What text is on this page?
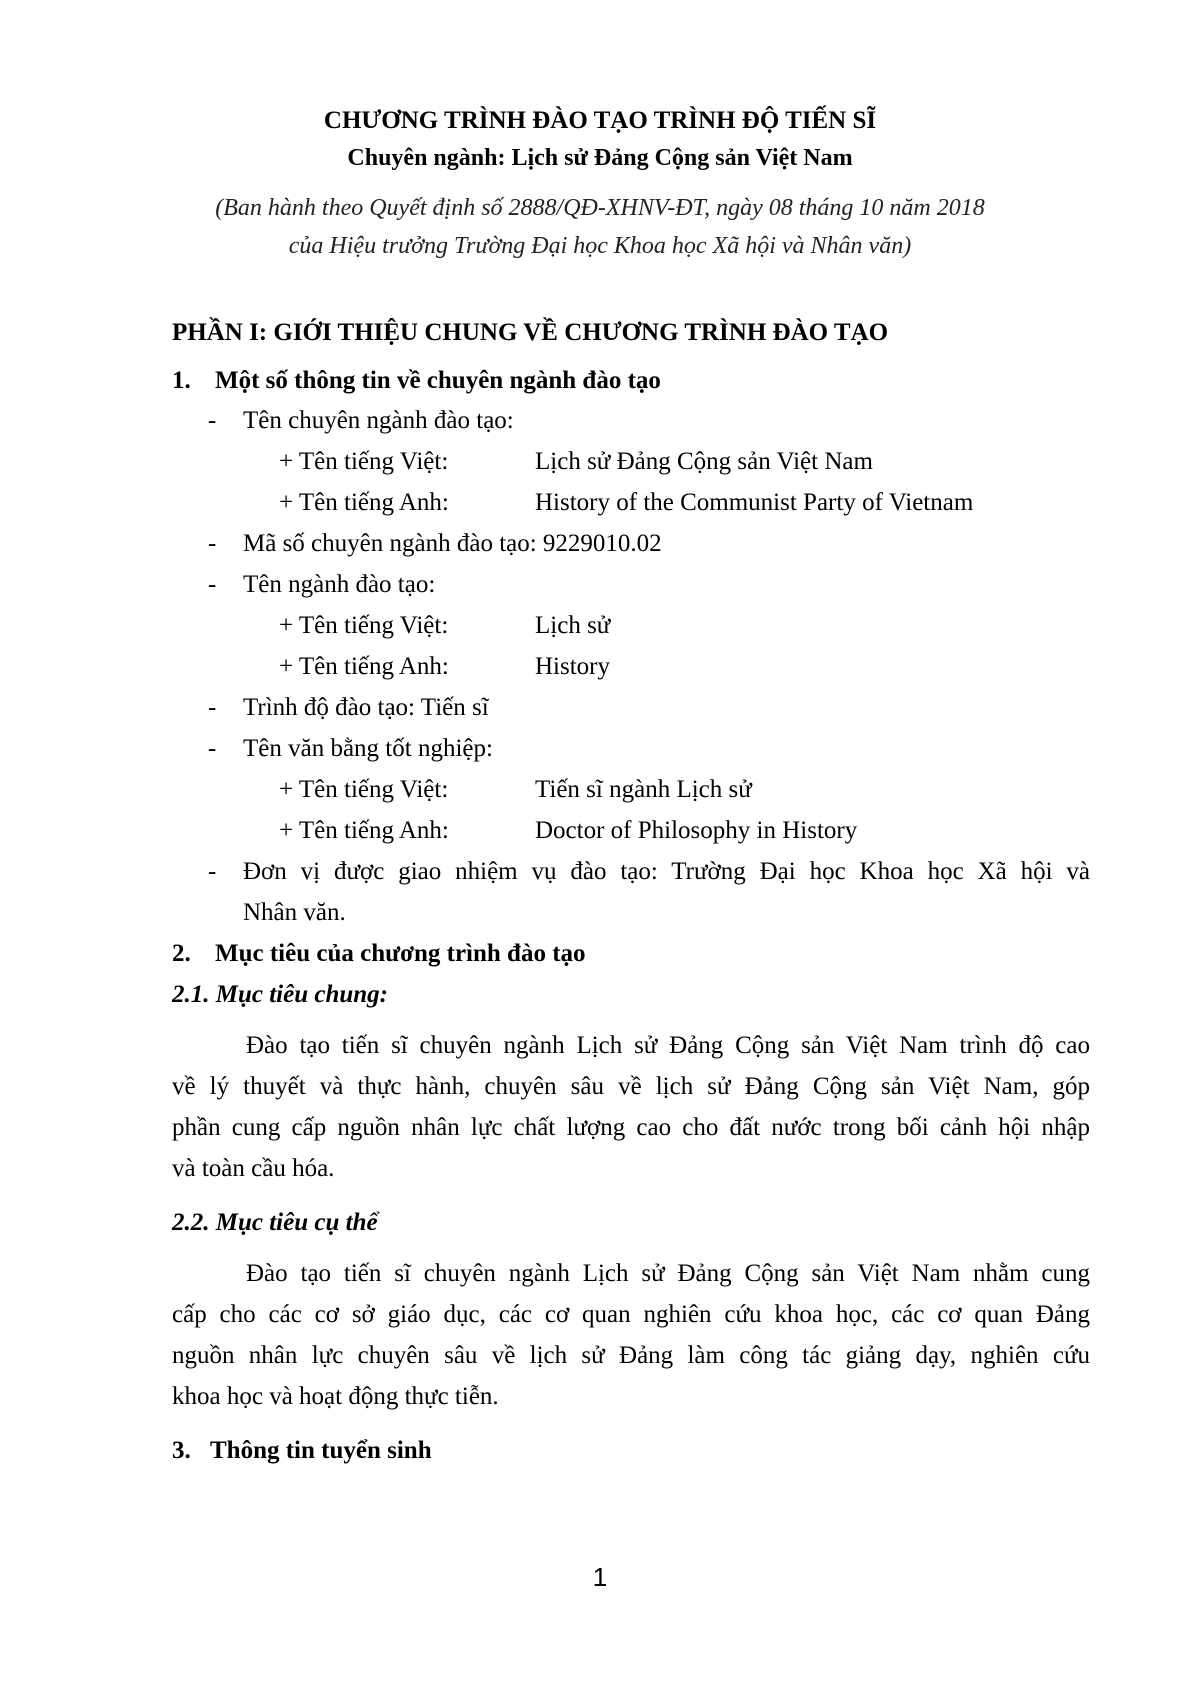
CHƯƠNG TRÌNH ĐÀO TẠO TRÌNH ĐỘ TIẾN SĨ
Chuyên ngành: Lịch sử Đảng Cộng sản Việt Nam
(Ban hành theo Quyết định số 2888/QĐ-XHNV-ĐT, ngày 08 tháng 10 năm 2018
của Hiệu trưởng Trường Đại học Khoa học Xã hội và Nhân văn)
PHẦN I: GIỚI THIỆU CHUNG VỀ CHƯƠNG TRÌNH ĐÀO TẠO
1. Một số thông tin về chuyên ngành đào tạo
- Tên chuyên ngành đào tạo:
+ Tên tiếng Việt:	Lịch sử Đảng Cộng sản Việt Nam
+ Tên tiếng Anh:	History of the Communist Party of Vietnam
- Mã số chuyên ngành đào tạo: 9229010.02
- Tên ngành đào tạo:
+ Tên tiếng Việt:	Lịch sử
+ Tên tiếng Anh:	History
- Trình độ đào tạo: Tiến sĩ
- Tên văn bằng tốt nghiệp:
+ Tên tiếng Việt:	Tiến sĩ ngành Lịch sử
+ Tên tiếng Anh:	Doctor of Philosophy in History
- Đơn vị được giao nhiệm vụ đào tạo: Trường Đại học Khoa học Xã hội và
Nhân văn.
2. Mục tiêu của chương trình đào tạo
2.1. Mục tiêu chung:
Đào tạo tiến sĩ chuyên ngành Lịch sử Đảng Cộng sản Việt Nam trình độ cao
về lý thuyết và thực hành, chuyên sâu về lịch sử Đảng Cộng sản Việt Nam, góp
phần cung cấp nguồn nhân lực chất lượng cao cho đất nước trong bối cảnh hội nhập
và toàn cầu hóa.
2.2. Mục tiêu cụ thể
Đào tạo tiến sĩ chuyên ngành Lịch sử Đảng Cộng sản Việt Nam nhằm cung
cấp cho các cơ sở giáo dục, các cơ quan nghiên cứu khoa học, các cơ quan Đảng
nguồn nhân lực chuyên sâu về lịch sử Đảng làm công tác giảng dạy, nghiên cứu
khoa học và hoạt động thực tiễn.
3. Thông tin tuyển sinh
1
